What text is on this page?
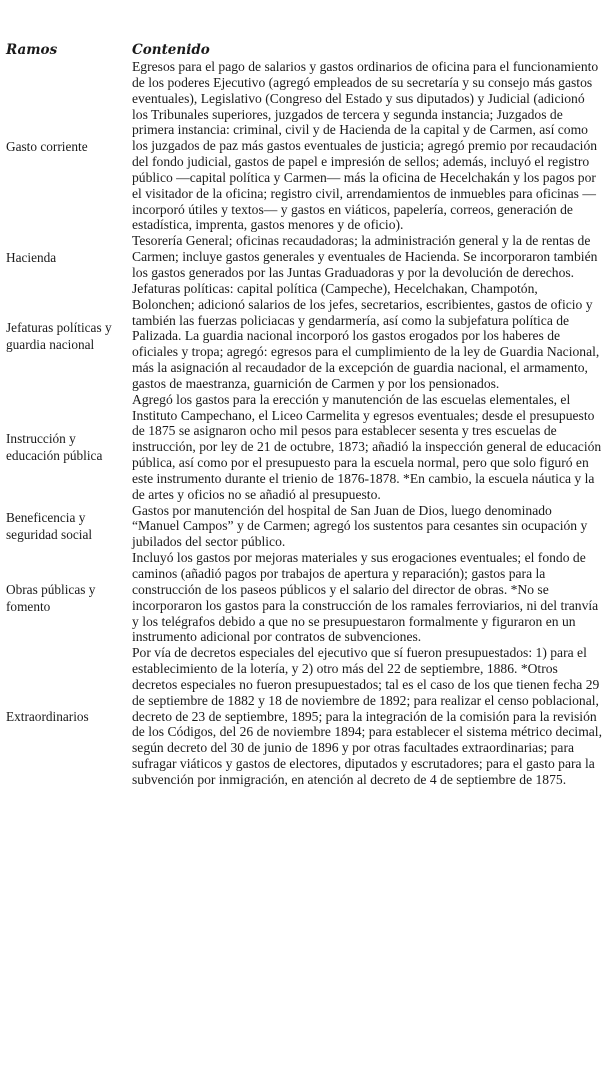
Ramos	Contenido
Gasto corriente	Egresos para el pago de salarios y gastos ordinarios de oficina para el funcionamiento de los poderes Ejecutivo (agregó empleados de su secretaría y su consejo más gastos eventuales), Legislativo (Congreso del Estado y sus diputados) y Judicial (adicionó los Tribunales superiores, juzgados de tercera y segunda instancia; Juzgados de primera instancia: criminal, civil y de Hacienda de la capital y de Carmen, así como los juzgados de paz más gastos eventuales de justicia; agregó premio por recaudación del fondo judicial, gastos de papel e impresión de sellos; además, incluyó el registro público —capital política y Carmen— más la oficina de Hecelchakán y los pagos por el visitador de la oficina; registro civil, arrendamientos de inmuebles para oficinas —incorporó útiles y textos— y gastos en viáticos, papelería, correos, generación de estadística, imprenta, gastos menores y de oficio).
Hacienda	Tesorería General; oficinas recaudadoras; la administración general y la de rentas de Carmen; incluye gastos generales y eventuales de Hacienda. Se incorporaron también los gastos generados por las Juntas Graduadoras y por la devolución de derechos.
Jefaturas políticas y guardia nacional	Jefaturas políticas: capital política (Campeche), Hecelchakan, Champotón, Bolonchen; adicionó salarios de los jefes, secretarios, escribientes, gastos de oficio y también las fuerzas policiacas y gendarmería, así como la subjefatura política de Palizada. La guardia nacional incorporó los gastos erogados por los haberes de oficiales y tropa; agregó: egresos para el cumplimiento de la ley de Guardia Nacional, más la asignación al recaudador de la excepción de guardia nacional, el armamento, gastos de maestranza, guarnición de Carmen y por los pensionados.
Instrucción y educación pública	Agregó los gastos para la erección y manutención de las escuelas elementales, el Instituto Campechano, el Liceo Carmelita y egresos eventuales; desde el presupuesto de 1875 se asignaron ocho mil pesos para establecer sesenta y tres escuelas de instrucción, por ley de 21 de octubre, 1873; añadió la inspección general de educación pública, así como por el presupuesto para la escuela normal, pero que solo figuró en este instrumento durante el trienio de 1876-1878. *En cambio, la escuela náutica y la de artes y oficios no se añadió al presupuesto.
Beneficencia y seguridad social	Gastos por manutención del hospital de San Juan de Dios, luego denominado “Manuel Campos” y de Carmen; agregó los sustentos para cesantes sin ocupación y jubilados del sector público.
Obras públicas y fomento	Incluyó los gastos por mejoras materiales y sus erogaciones eventuales; el fondo de caminos (añadió pagos por trabajos de apertura y reparación); gastos para la construcción de los paseos públicos y el salario del director de obras. *No se incorporaron los gastos para la construcción de los ramales ferroviarios, ni del tranvía y los telégrafos debido a que no se presupuestaron formalmente y figuraron en un instrumento adicional por contratos de subvenciones.
Extraordinarios	Por vía de decretos especiales del ejecutivo que sí fueron presupuestados: 1) para el establecimiento de la lotería, y 2) otro más del 22 de septiembre, 1886. *Otros decretos especiales no fueron presupuestados; tal es el caso de los que tienen fecha 29 de septiembre de 1882 y 18 de noviembre de 1892; para realizar el censo poblacional, decreto de 23 de septiembre, 1895; para la integración de la comisión para la revisión de los Códigos, del 26 de noviembre 1894; para establecer el sistema métrico decimal, según decreto del 30 de junio de 1896 y por otras facultades extraordinarias; para sufragar viáticos y gastos de electores, diputados y escrutadores; para el gasto para la subvención por inmigración, en atención al decreto de 4 de septiembre de 1875.
